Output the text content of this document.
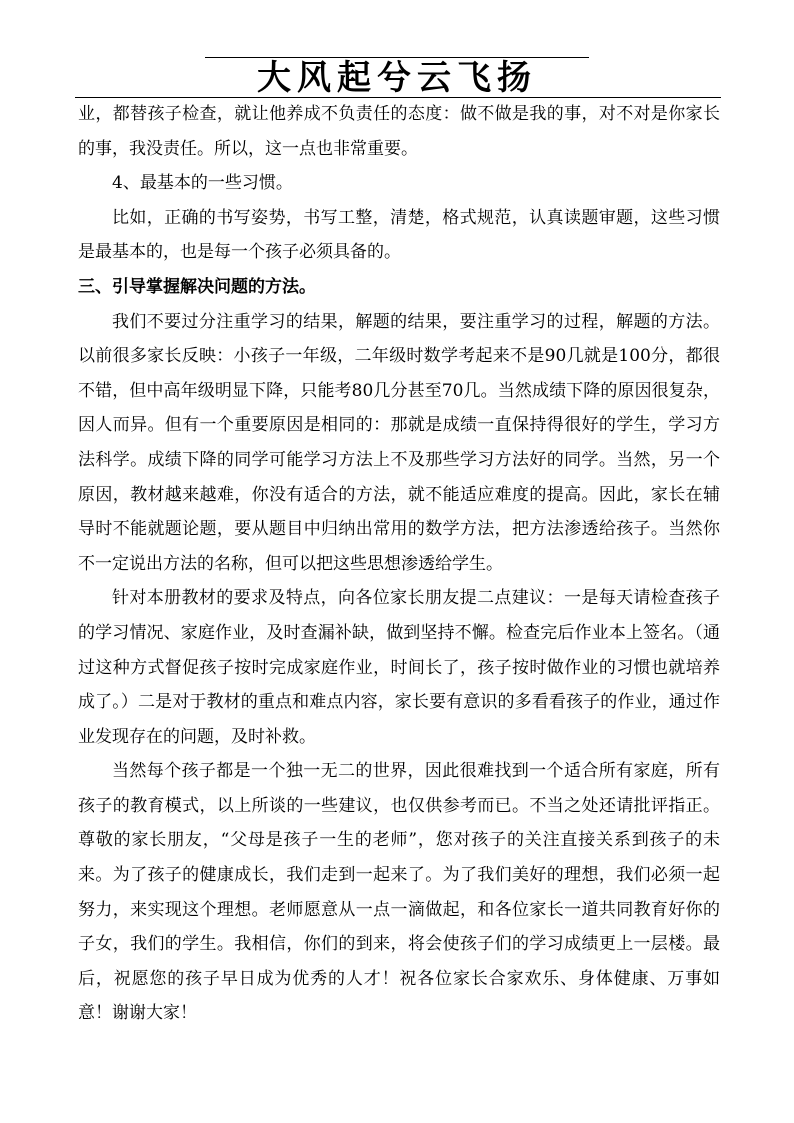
大风起兮云飞扬

业，都替孩子检查，就让他养成不负责任的态度：做不做是我的事，对不对是你家长的事，我没责任。所以，这一点也非常重要。

4、最基本的一些习惯。

比如，正确的书写姿势，书写工整，清楚，格式规范，认真读题审题，这些习惯是最基本的，也是每一个孩子必须具备的。

三、引导掌握解决问题的方法。

我们不要过分注重学习的结果，解题的结果，要注重学习的过程，解题的方法。以前很多家长反映：小孩子一年级，二年级时数学考起来不是90几就是100分，都很不错，但中高年级明显下降，只能考80几分甚至70几。当然成绩下降的原因很复杂，因人而异。但有一个重要原因是相同的：那就是成绩一直保持得很好的学生，学习方法科学。成绩下降的同学可能学习方法上不及那些学习方法好的同学。当然，另一个原因，教材越来越难，你没有适合的方法，就不能适应难度的提高。因此，家长在辅导时不能就题论题，要从题目中归纳出常用的数学方法，把方法渗透给孩子。当然你不一定说出方法的名称，但可以把这些思想渗透给学生。

针对本册教材的要求及特点，向各位家长朋友提二点建议：一是每天请检查孩子的学习情况、家庭作业，及时查漏补缺，做到坚持不懈。检查完后作业本上签名。（通过这种方式督促孩子按时完成家庭作业，时间长了，孩子按时做作业的习惯也就培养成了。）二是对于教材的重点和难点内容，家长要有意识的多看看孩子的作业，通过作业发现存在的问题，及时补救。

当然每个孩子都是一个独一无二的世界，因此很难找到一个适合所有家庭，所有孩子的教育模式，以上所谈的一些建议，也仅供参考而已。不当之处还请批评指正。 尊敬的家长朋友，“父母是孩子一生的老师”，您对孩子的关注直接关系到孩子的未来。为了孩子的健康成长，我们走到一起来了。为了我们美好的理想，我们必须一起努力，来实现这个理想。老师愿意从一点一滴做起，和各位家长一道共同教育好你的子女，我们的学生。我相信，你们的到来，将会使孩子们的学习成绩更上一层楼。最后，祝愿您的孩子早日成为优秀的人才！祝各位家长合家欢乐、身体健康、万事如意！谢谢大家！
